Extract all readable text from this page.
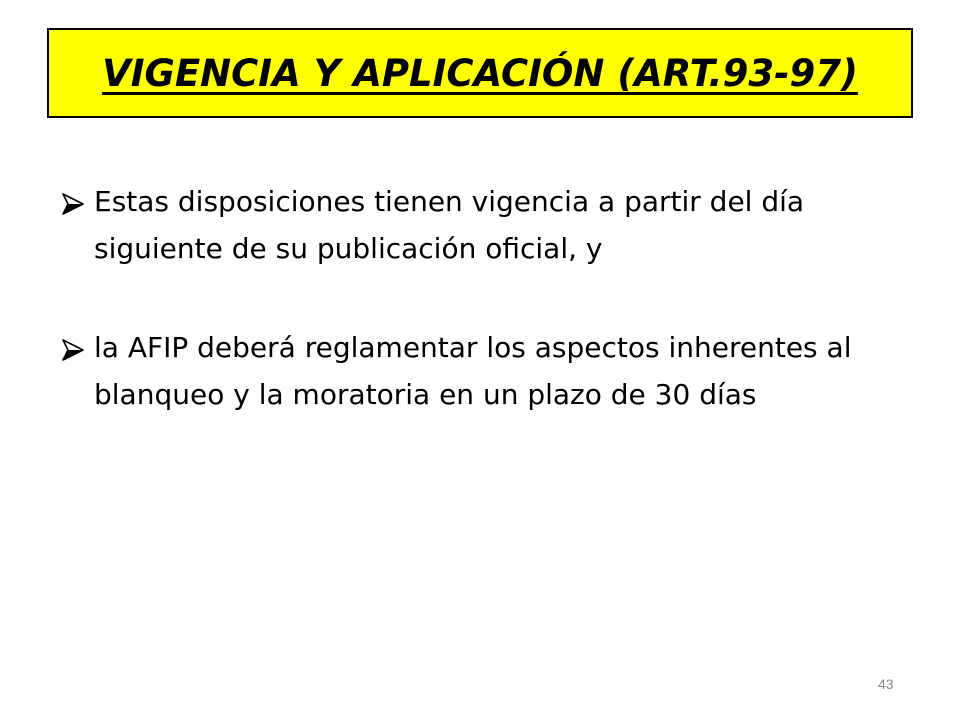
VIGENCIA Y APLICACIÓN (ART.93-97)
Estas disposiciones tienen vigencia a partir del día siguiente de su publicación oficial, y
la AFIP deberá reglamentar los aspectos inherentes al blanqueo y la moratoria en un plazo de 30 días
43
